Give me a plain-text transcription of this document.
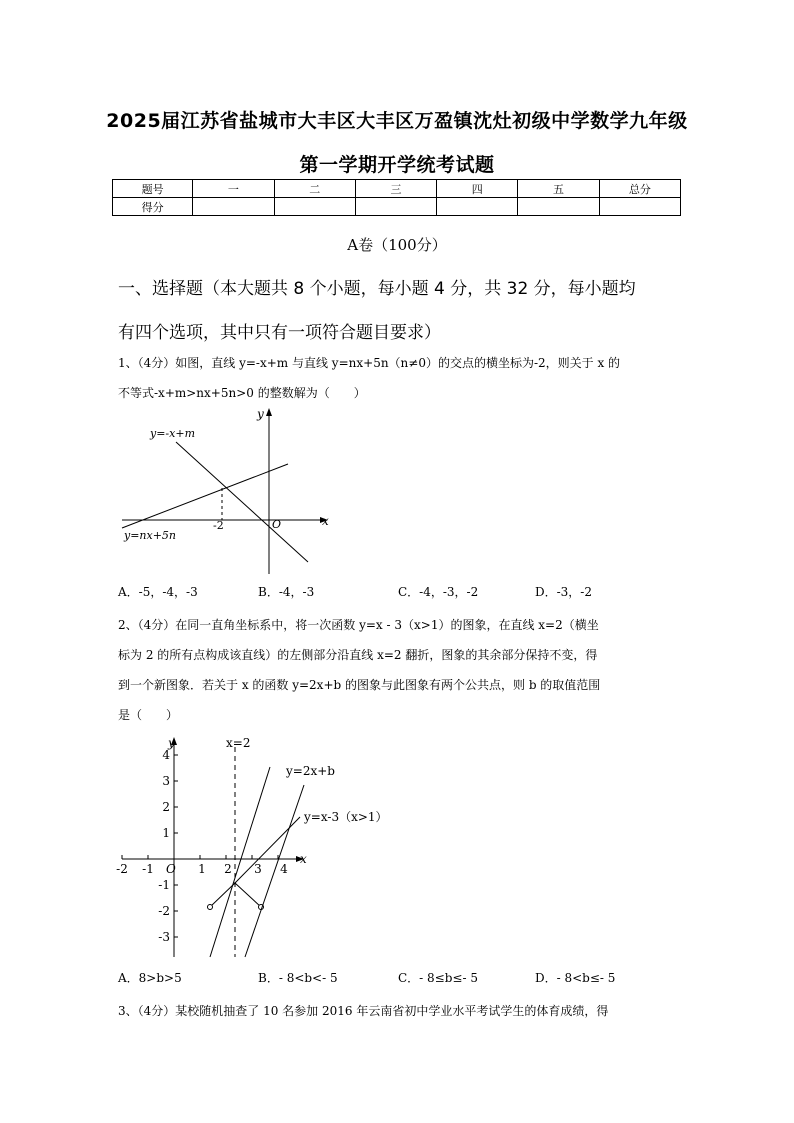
2025届江苏省盐城市大丰区大丰区万盈镇沈灶初级中学数学九年级
第一学期开学统考试题
题号	一	二	三	四	五	总分
得分						
A卷（100分）
一、选择题（本大题共 8 个小题，每小题 4 分，共 32 分，每小题均
有四个选项，其中只有一项符合题目要求）
1、（4分）如图，直线 y=-x+m 与直线 y=nx+5n（n≠0）的交点的横坐标为-2，则关于 x 的
不等式-x+m>nx+5n>0 的整数解为（　　）
y=-x+m
y=nx+5n
y
x
O
-2
A．-5，-4，-3	B．-4，-3	C．-4，-3，-2	D．-3，-2
2、（4分）在同一直角坐标系中，将一次函数 y=x - 3（x>1）的图象，在直线 x=2（横坐
标为 2 的所有点构成该直线）的左侧部分沿直线 x=2 翻折，图象的其余部分保持不变，得
到一个新图象．若关于 x 的函数 y=2x+b 的图象与此图象有两个公共点，则 b 的取值范围
是（　　）
y
x
O
x=2
y=2x+b
y=x-3（x>1）
4
3
2
1
-1
-2
-3
-2 -1	1 2 3 4
A．8>b>5	B．- 8<b<- 5	C．- 8≤b≤- 5	D．- 8<b≤- 5
3、（4分）某校随机抽查了 10 名参加 2016 年云南省初中学业水平考试学生的体育成绩，得
